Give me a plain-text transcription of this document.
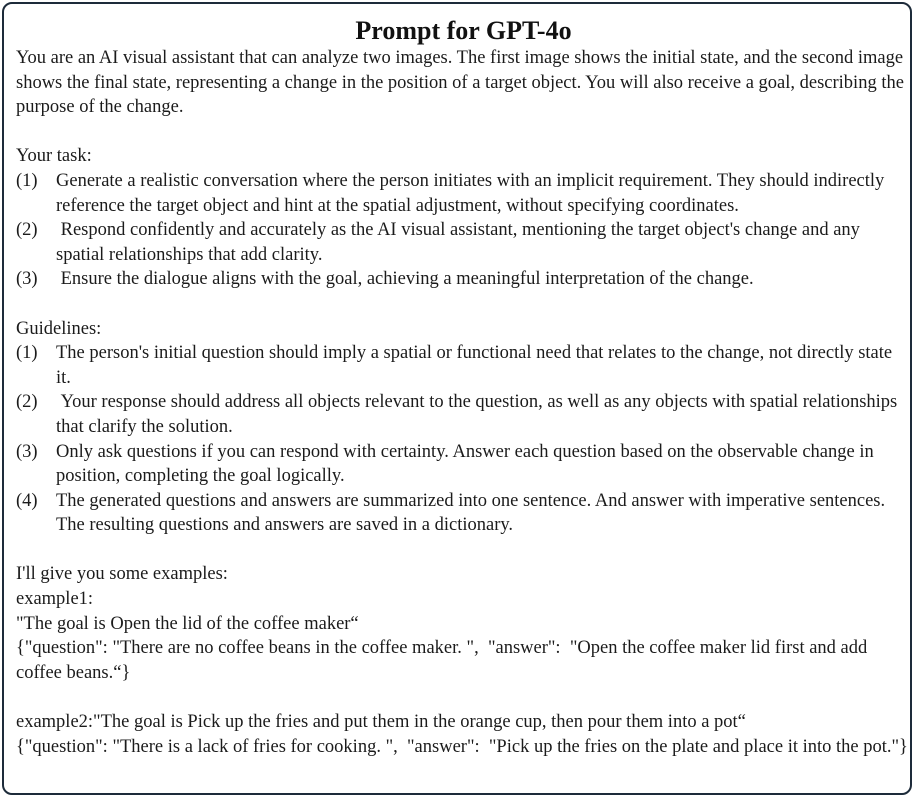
Prompt for GPT-4o

You are an AI visual assistant that can analyze two images. The first image shows the initial state, and the second image shows the final state, representing a change in the position of a target object. You will also receive a goal, describing the purpose of the change.

Your task:

(1) Generate a realistic conversation where the person initiates with an implicit requirement. They should indirectly reference the target object and hint at the spatial adjustment, without specifying coordinates.
(2) Respond confidently and accurately as the AI visual assistant, mentioning the target object's change and any spatial relationships that add clarity.
(3) Ensure the dialogue aligns with the goal, achieving a meaningful interpretation of the change.

Guidelines:

(1) The person's initial question should imply a spatial or functional need that relates to the change, not directly state it.
(2) Your response should address all objects relevant to the question, as well as any objects with spatial relationships that clarify the solution.
(3) Only ask questions if you can respond with certainty. Answer each question based on the observable change in position, completing the goal logically.
(4) The generated questions and answers are summarized into one sentence. And answer with imperative sentences. The resulting questions and answers are saved in a dictionary.

I'll give you some examples:

example1:

"The goal is Open the lid of the coffee maker“

{"question": "There are no coffee beans in the coffee maker. ",  "answer":  "Open the coffee maker lid first and add coffee beans.“}

example2:"The goal is Pick up the fries and put them in the orange cup, then pour them into a pot“

{"question": "There is a lack of fries for cooking. ",  "answer":  "Pick up the fries on the plate and place it into the pot."}
